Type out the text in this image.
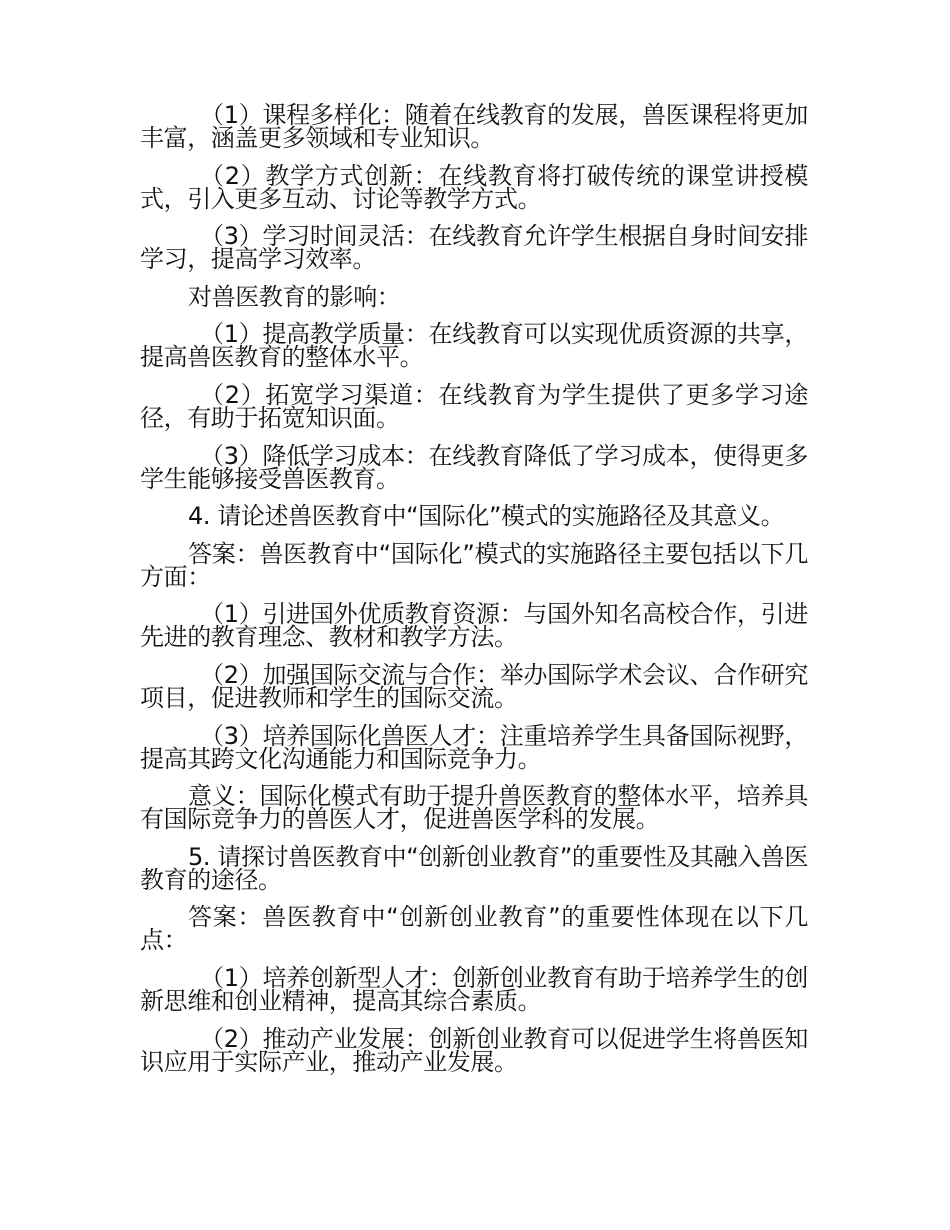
（1）课程多样化：随着在线教育的发展，兽医课程将更加丰富，涵盖更多领域和专业知识。

（2）教学方式创新：在线教育将打破传统的课堂讲授模式，引入更多互动、讨论等教学方式。

（3）学习时间灵活：在线教育允许学生根据自身时间安排学习，提高学习效率。

对兽医教育的影响：

（1）提高教学质量：在线教育可以实现优质资源的共享，提高兽医教育的整体水平。

（2）拓宽学习渠道：在线教育为学生提供了更多学习途径，有助于拓宽知识面。

（3）降低学习成本：在线教育降低了学习成本，使得更多学生能够接受兽医教育。

4. 请论述兽医教育中“国际化”模式的实施路径及其意义。

答案：兽医教育中“国际化”模式的实施路径主要包括以下几方面：

（1）引进国外优质教育资源：与国外知名高校合作，引进先进的教育理念、教材和教学方法。

（2）加强国际交流与合作：举办国际学术会议、合作研究项目，促进教师和学生的国际交流。

（3）培养国际化兽医人才：注重培养学生具备国际视野，提高其跨文化沟通能力和国际竞争力。

意义：国际化模式有助于提升兽医教育的整体水平，培养具有国际竞争力的兽医人才，促进兽医学科的发展。

5. 请探讨兽医教育中“创新创业教育”的重要性及其融入兽医教育的途径。

答案：兽医教育中“创新创业教育”的重要性体现在以下几点：

（1）培养创新型人才：创新创业教育有助于培养学生的创新思维和创业精神，提高其综合素质。

（2）推动产业发展：创新创业教育可以促进学生将兽医知识应用于实际产业，推动产业发展。
